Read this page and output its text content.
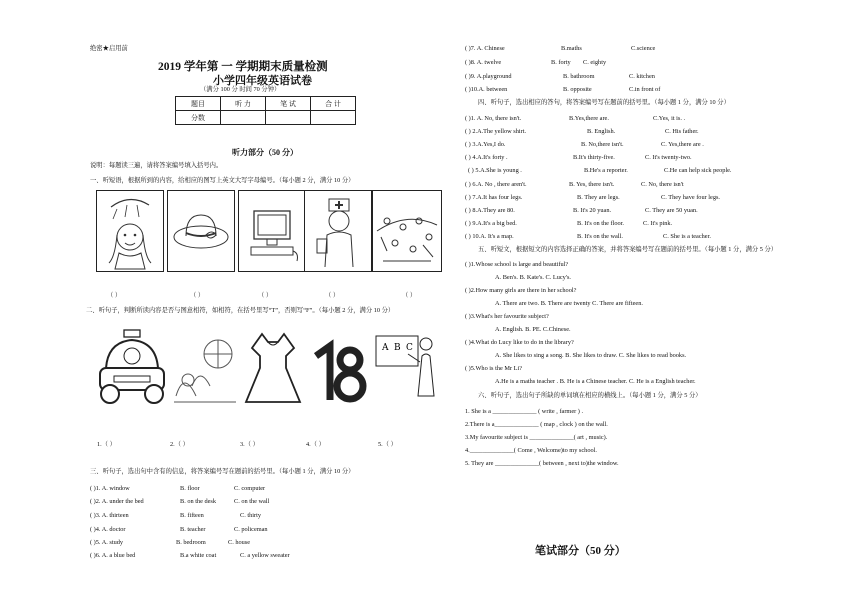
绝密★启用前
2019 学年第 一 学期期末质量检测
小学四年级英语试卷
（满分 100 分 时间 70 分钟）
题目	听 力	笔 试	合 计
分数			
听力部分（50 分）
说明：每题读三遍，请将答案编号填入括号内。
一、听短语，根据所到的内容，给相应的图写上英文大写字母编号。（每小题 2 分，满分 10 分）
（ ）	（ ）	（ ）	（ ）	（ ）
二、听句子，判断所读内容是否与图意相符，如相符，在括号里写“T”，否则写“F”。（每小题 2 分，满分 10 分）
A B C
1.（ ）	2.（ ）	3.（ ）	4.（ ）	5.（ ）
三、听句子，选出句中含有的信息，将答案编号写在题前的括号里。（每小题 1 分，满分 10 分）
( )1. A. window	B. floor	C. computer
( )2. A. under the bed	B. on the desk	C. on the wall
( )3. A. thirteen	B. fifteen	C. thirty
( )4. A. doctor	B. teacher	C. policeman
( )5. A. study	B. bedroom	C. house
( )6. A. a blue bed	B.a white coat	C. a yellow sweater
( )7. A. Chinese	B.maths	C.science
( )8. A. twelve	B. forty C. eighty
( )9. A.playground	B. bathroom	C. kitchen
( )10.A. between	B. opposite	C.in front of
四、听句子，选出相应的答句，将答案编号写在题前的括号里。（每小题 1 分，满分 10 分）
( )1. A. No, there isn't.	B.Yes,there are.	C.Yes, it is. .
( ) 2.A.The yellow shirt.	B. English.	C. His father.
( ) 3.A.Yes,I do.	B. No,there isn't.	C. Yes,there are .
( ) 4.A.It's forty .	B.It's thirty-five.	C. It's twenty-two.
( ) 5.A.She is young .	B.He's a reporter.	C.He can help sick people.
( ) 6.A. No , there aren't.	B. Yes, there isn't.	C. No, there isn't
( ) 7.A.It has four legs.	B. They are legs.	C. They have four legs.
( ) 8.A.They are 80.	B. It's 20 yuan.	C. They are 50 yuan.
( ) 9.A.It's a big bed.	B. It's on the floor.	C. It's pink.
( ) 10.A. It's a map.	B. It's on the wall.	C. She is a teacher.
五、听短文，根据短文的内容选择正确的答案，并将答案编号写在题前的括号里。（每小题 1 分，满分 5 分）
( )1.Whose school is large and beautiful?
A. Ben's. B. Kate's. C. Lucy's.
( )2.How many girls are there in her school?
A. There are two. B. There are twenty C. There are fifteen.
( )3.What's her favourite subject?
A. English. B. PE. C.Chinese.
( )4.What do Lucy like to do in the library?
A. She likes to sing a song. B. She likes to draw. C. She likes to read books.
( )5.Who is the Mr Li?
A.He is a maths teacher . B. He is a Chinese teacher. C. He is a English teacher.
六、听句子，选出句子所缺的单词填在相应的横线上。（每小题 1 分，满分 5 分）
1. She is a ______________ ( write , farmer ) .
2.There is a______________ ( map , clock ) on the wall.
3.My favourite subject is ______________( art , music).
4.______________( Come , Welcome)to my school.
5. They are ______________( between , next to)the window.
笔试部分（50 分）
